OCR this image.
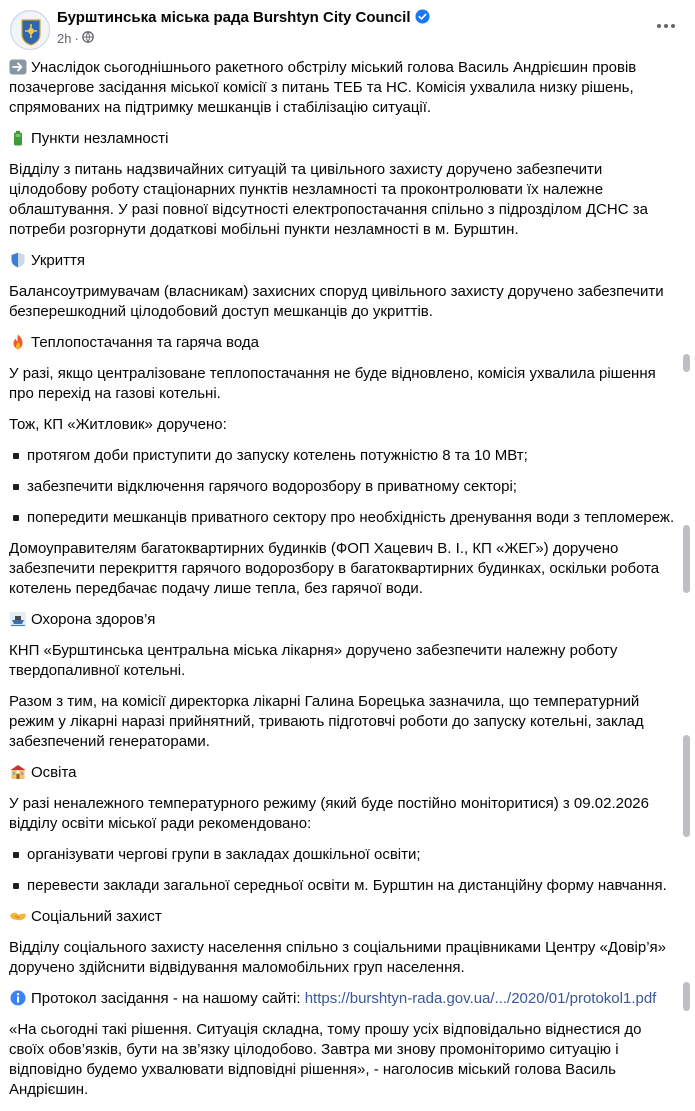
Бурштинська міська рада Burshtyn City Council
2h ·

Унаслідок сьогоднішнього ракетного обстрілу міський голова Василь Андрієшин провів позачергове засідання міської комісії з питань ТЕБ та НС. Комісія ухвалила низку рішень, спрямованих на підтримку мешканців і стабілізацію ситуації.

Пункти незламності

Відділу з питань надзвичайних ситуацій та цивільного захисту доручено забезпечити цілодобову роботу стаціонарних пунктів незламності та проконтролювати їх належне облаштування. У разі повної відсутності електропостачання спільно з підрозділом ДСНС за потреби розгорнути додаткові мобільні пункти незламності в м. Бурштин.

Укриття

Балансоутримувачам (власникам) захисних споруд цивільного захисту доручено забезпечити безперешкодний цілодобовий доступ мешканців до укриттів.

Теплопостачання та гаряча вода

У разі, якщо централізоване теплопостачання не буде відновлено, комісія ухвалила рішення про перехід на газові котельні.

Тож, КП «Житловик» доручено:

протягом доби приступити до запуску котелень потужністю 8 та 10 МВт;
забезпечити відключення гарячого водорозбору в приватному секторі;
попередити мешканців приватного сектору про необхідність дренування води з тепломереж.

Домоуправителям багатоквартирних будинків (ФОП Хацевич В. І., КП «ЖЕГ») доручено забезпечити перекриття гарячого водорозбору в багатоквартирних будинках, оскільки робота котелень передбачає подачу лише тепла, без гарячої води.

Охорона здоров’я

КНП «Бурштинська центральна міська лікарня» доручено забезпечити належну роботу твердопаливної котельні.

Разом з тим, на комісії директорка лікарні Галина Борецька зазначила, що температурний режим у лікарні наразі прийнятний, тривають підготовчі роботи до запуску котельні, заклад забезпечений генераторами.

Освіта

У разі неналежного температурного режиму (який буде постійно моніторитися) з 09.02.2026 відділу освіти міської ради рекомендовано:

організувати чергові групи в закладах дошкільної освіти;
перевести заклади загальної середньої освіти м. Бурштин на дистанційну форму навчання.

Соціальний захист

Відділу соціального захисту населення спільно з соціальними працівниками Центру «Довір’я» доручено здійснити відвідування маломобільних груп населення.

Протокол засідання - на нашому сайті: https://burshtyn-rada.gov.ua/.../2020/01/protokol1.pdf

«На сьогодні такі рішення. Ситуація складна, тому прошу усіх відповідально віднестися до своїх обов’язків, бути на зв’язку цілодобово. Завтра ми знову промоніторимо ситуацію і відповідно будемо ухвалювати відповідні рішення», - наголосив міський голова Василь Андрієшин.
